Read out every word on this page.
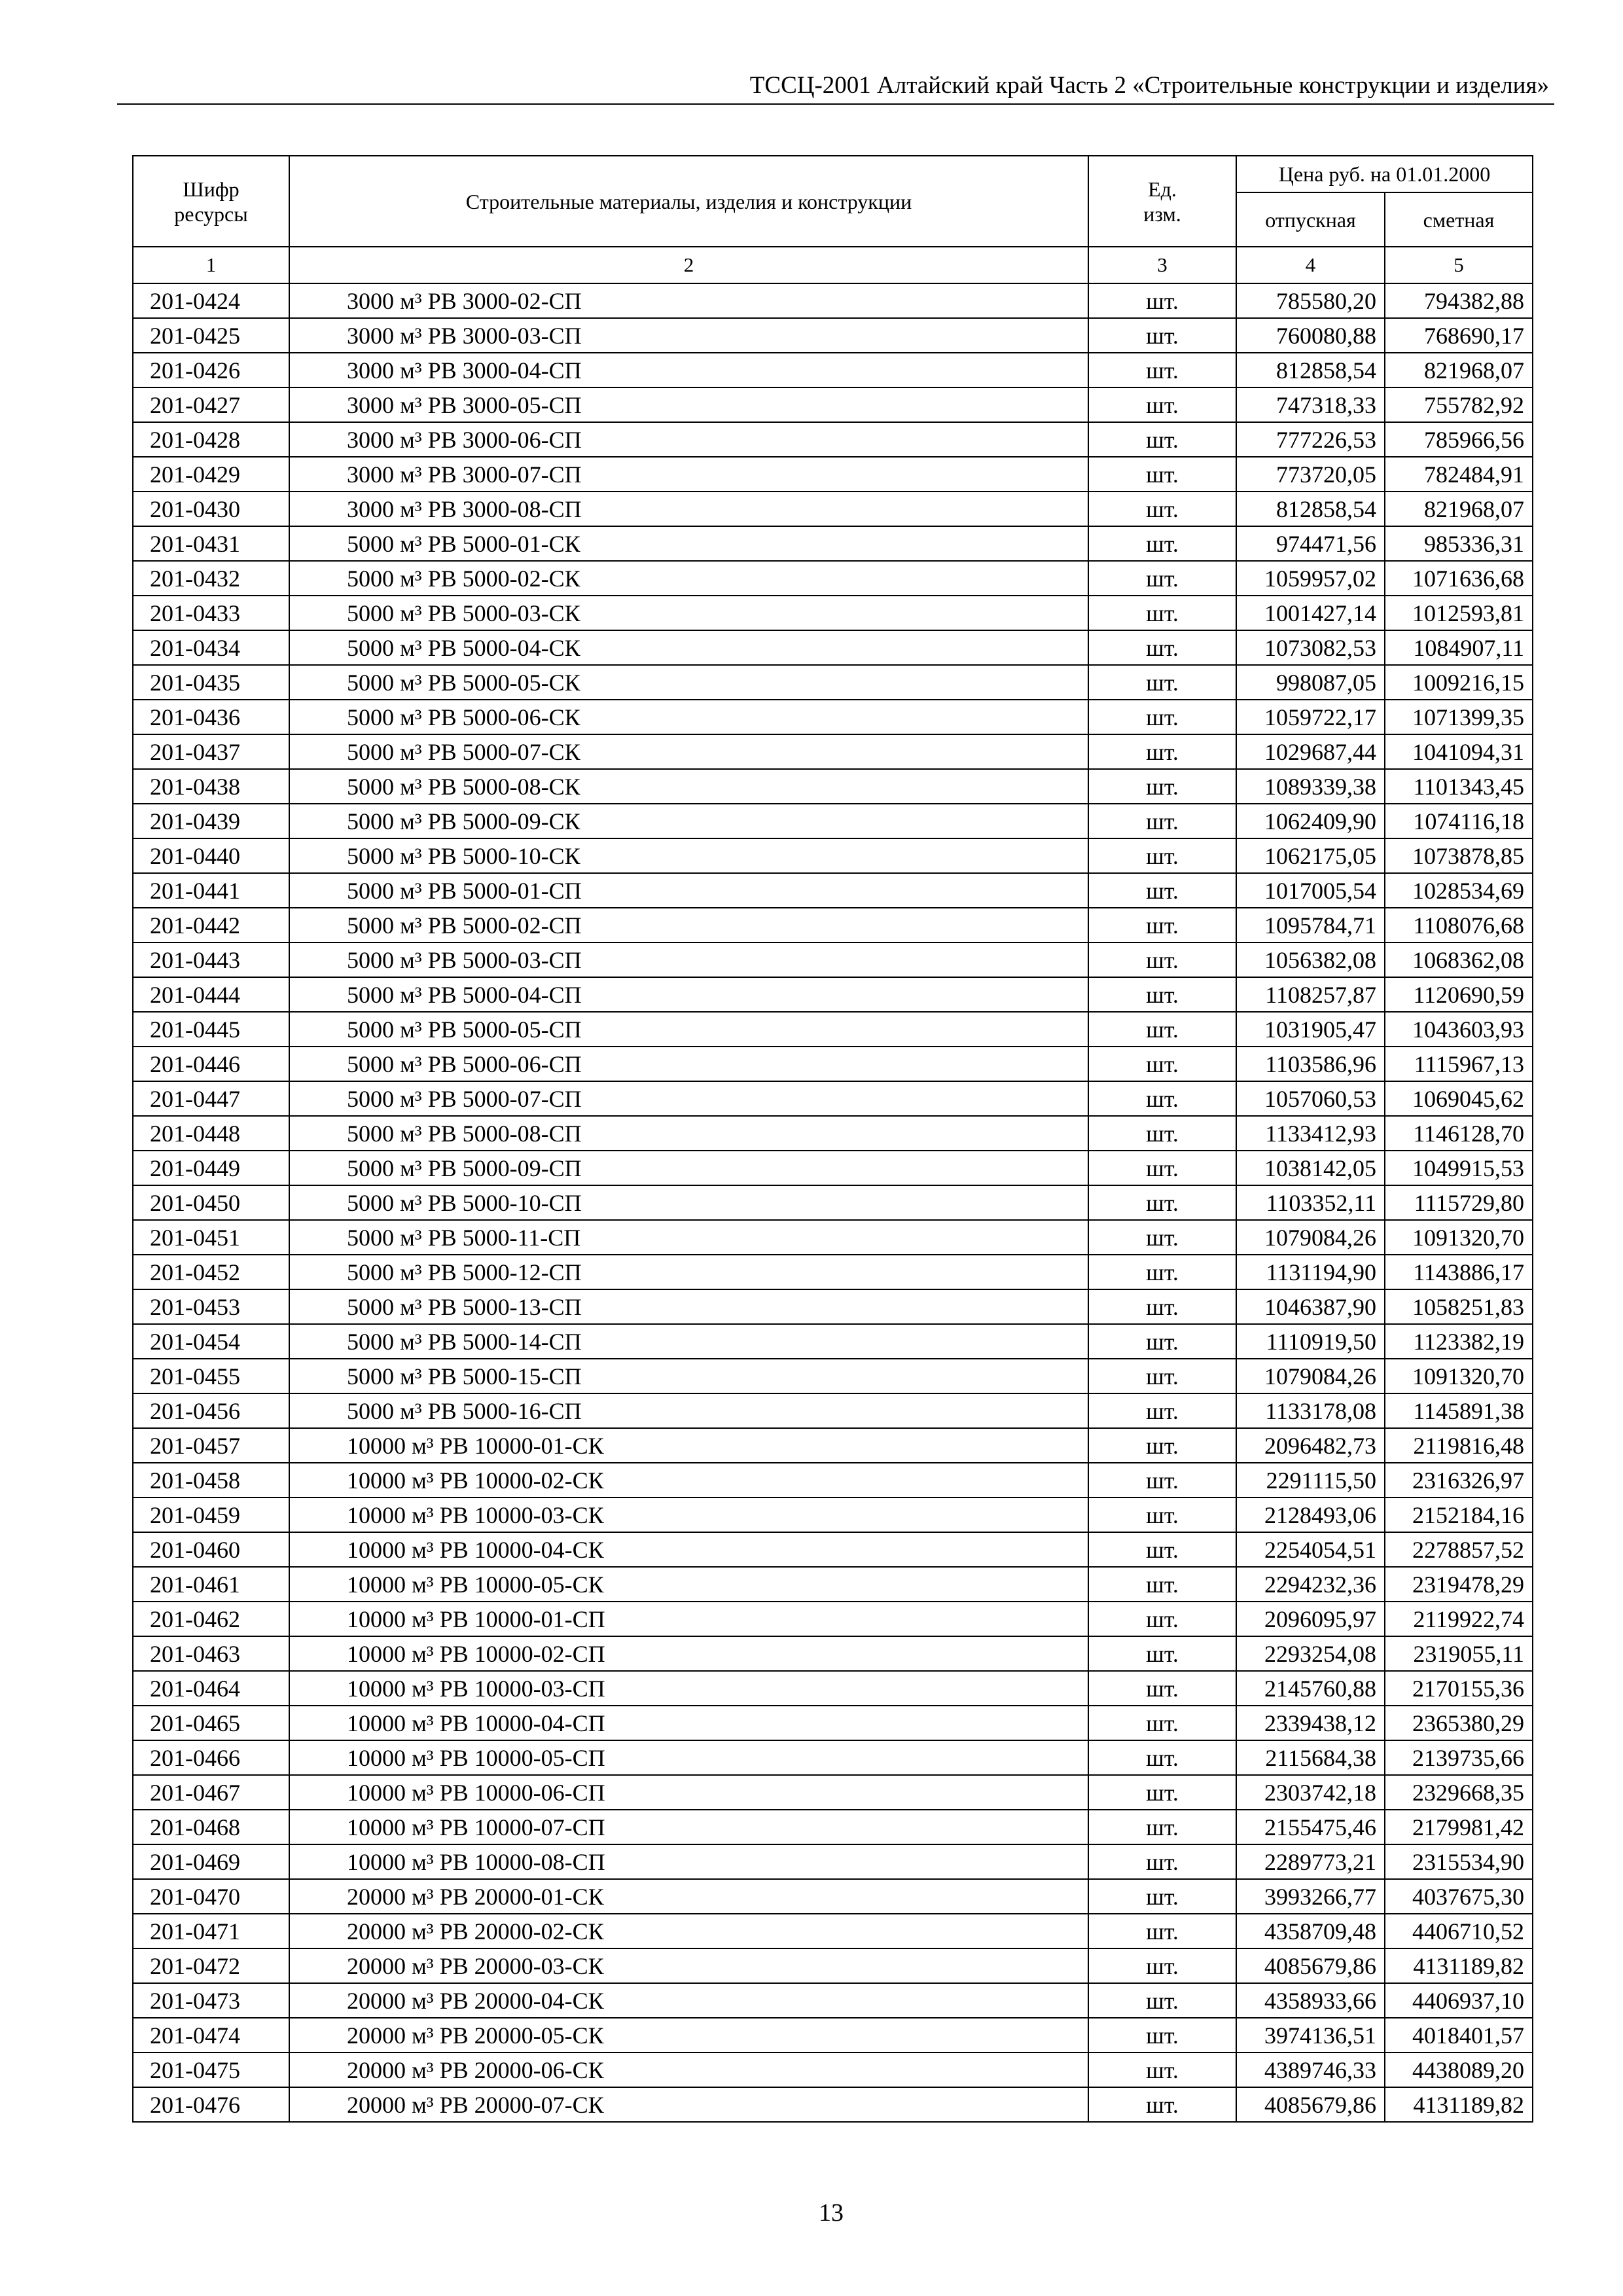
ТССЦ-2001 Алтайский край Часть 2 «Строительные конструкции и изделия»
Шифр
ресурсы	Строительные материалы, изделия и конструкции	Ед.
изм.	Цена руб. на 01.01.2000	
			отпускная	сметная
1	2	3	4	5
201-0424	3000 м³ РВ 3000-02-СП	шт.	785580,20	794382,88
201-0425	3000 м³ РВ 3000-03-СП	шт.	760080,88	768690,17
201-0426	3000 м³ РВ 3000-04-СП	шт.	812858,54	821968,07
201-0427	3000 м³ РВ 3000-05-СП	шт.	747318,33	755782,92
201-0428	3000 м³ РВ 3000-06-СП	шт.	777226,53	785966,56
201-0429	3000 м³ РВ 3000-07-СП	шт.	773720,05	782484,91
201-0430	3000 м³ РВ 3000-08-СП	шт.	812858,54	821968,07
201-0431	5000 м³ РВ 5000-01-СК	шт.	974471,56	985336,31
201-0432	5000 м³ РВ 5000-02-СК	шт.	1059957,02	1071636,68
201-0433	5000 м³ РВ 5000-03-СК	шт.	1001427,14	1012593,81
201-0434	5000 м³ РВ 5000-04-СК	шт.	1073082,53	1084907,11
201-0435	5000 м³ РВ 5000-05-СК	шт.	998087,05	1009216,15
201-0436	5000 м³ РВ 5000-06-СК	шт.	1059722,17	1071399,35
201-0437	5000 м³ РВ 5000-07-СК	шт.	1029687,44	1041094,31
201-0438	5000 м³ РВ 5000-08-СК	шт.	1089339,38	1101343,45
201-0439	5000 м³ РВ 5000-09-СК	шт.	1062409,90	1074116,18
201-0440	5000 м³ РВ 5000-10-СК	шт.	1062175,05	1073878,85
201-0441	5000 м³ РВ 5000-01-СП	шт.	1017005,54	1028534,69
201-0442	5000 м³ РВ 5000-02-СП	шт.	1095784,71	1108076,68
201-0443	5000 м³ РВ 5000-03-СП	шт.	1056382,08	1068362,08
201-0444	5000 м³ РВ 5000-04-СП	шт.	1108257,87	1120690,59
201-0445	5000 м³ РВ 5000-05-СП	шт.	1031905,47	1043603,93
201-0446	5000 м³ РВ 5000-06-СП	шт.	1103586,96	1115967,13
201-0447	5000 м³ РВ 5000-07-СП	шт.	1057060,53	1069045,62
201-0448	5000 м³ РВ 5000-08-СП	шт.	1133412,93	1146128,70
201-0449	5000 м³ РВ 5000-09-СП	шт.	1038142,05	1049915,53
201-0450	5000 м³ РВ 5000-10-СП	шт.	1103352,11	1115729,80
201-0451	5000 м³ РВ 5000-11-СП	шт.	1079084,26	1091320,70
201-0452	5000 м³ РВ 5000-12-СП	шт.	1131194,90	1143886,17
201-0453	5000 м³ РВ 5000-13-СП	шт.	1046387,90	1058251,83
201-0454	5000 м³ РВ 5000-14-СП	шт.	1110919,50	1123382,19
201-0455	5000 м³ РВ 5000-15-СП	шт.	1079084,26	1091320,70
201-0456	5000 м³ РВ 5000-16-СП	шт.	1133178,08	1145891,38
201-0457	10000 м³ РВ 10000-01-СК	шт.	2096482,73	2119816,48
201-0458	10000 м³ РВ 10000-02-СК	шт.	2291115,50	2316326,97
201-0459	10000 м³ РВ 10000-03-СК	шт.	2128493,06	2152184,16
201-0460	10000 м³ РВ 10000-04-СК	шт.	2254054,51	2278857,52
201-0461	10000 м³ РВ 10000-05-СК	шт.	2294232,36	2319478,29
201-0462	10000 м³ РВ 10000-01-СП	шт.	2096095,97	2119922,74
201-0463	10000 м³ РВ 10000-02-СП	шт.	2293254,08	2319055,11
201-0464	10000 м³ РВ 10000-03-СП	шт.	2145760,88	2170155,36
201-0465	10000 м³ РВ 10000-04-СП	шт.	2339438,12	2365380,29
201-0466	10000 м³ РВ 10000-05-СП	шт.	2115684,38	2139735,66
201-0467	10000 м³ РВ 10000-06-СП	шт.	2303742,18	2329668,35
201-0468	10000 м³ РВ 10000-07-СП	шт.	2155475,46	2179981,42
201-0469	10000 м³ РВ 10000-08-СП	шт.	2289773,21	2315534,90
201-0470	20000 м³ РВ 20000-01-СК	шт.	3993266,77	4037675,30
201-0471	20000 м³ РВ 20000-02-СК	шт.	4358709,48	4406710,52
201-0472	20000 м³ РВ 20000-03-СК	шт.	4085679,86	4131189,82
201-0473	20000 м³ РВ 20000-04-СК	шт.	4358933,66	4406937,10
201-0474	20000 м³ РВ 20000-05-СК	шт.	3974136,51	4018401,57
201-0475	20000 м³ РВ 20000-06-СК	шт.	4389746,33	4438089,20
201-0476	20000 м³ РВ 20000-07-СК	шт.	4085679,86	4131189,82
13
